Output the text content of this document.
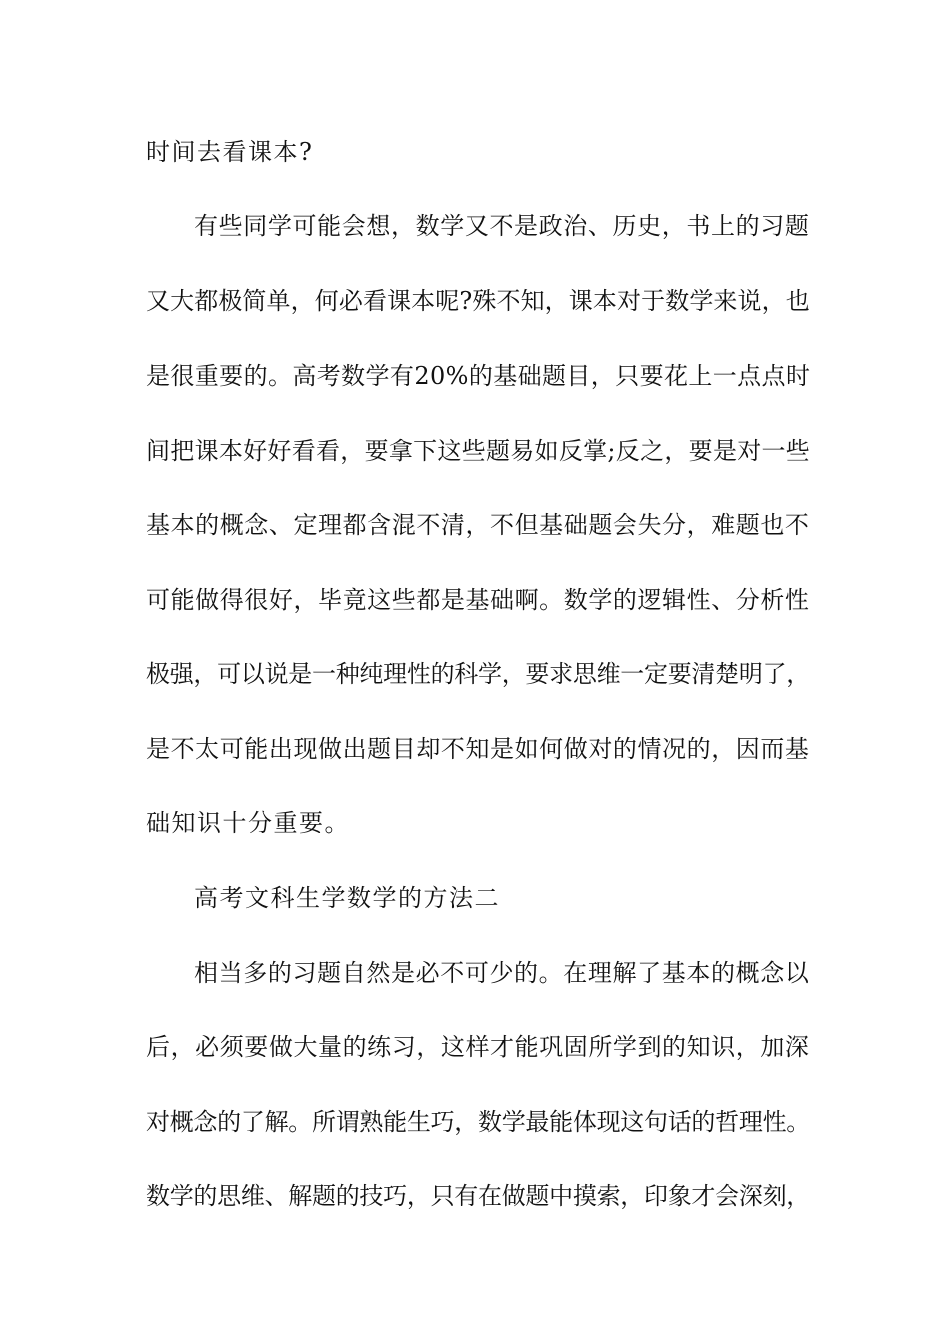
时间去看课本?
有些同学可能会想，数学又不是政治、历史，书上的习题
又大都极简单，何必看课本呢?殊不知，课本对于数学来说，也
是很重要的。高考数学有20%的基础题目，只要花上一点点时
间把课本好好看看，要拿下这些题易如反掌;反之，要是对一些
基本的概念、定理都含混不清，不但基础题会失分，难题也不
可能做得很好，毕竟这些都是基础啊。数学的逻辑性、分析性
极强，可以说是一种纯理性的科学，要求思维一定要清楚明了，
是不太可能出现做出题目却不知是如何做对的情况的，因而基
础知识十分重要。
高考文科生学数学的方法二
相当多的习题自然是必不可少的。在理解了基本的概念以
后，必须要做大量的练习，这样才能巩固所学到的知识，加深
对概念的了解。所谓熟能生巧，数学最能体现这句话的哲理性。
数学的思维、解题的技巧，只有在做题中摸索，印象才会深刻，
